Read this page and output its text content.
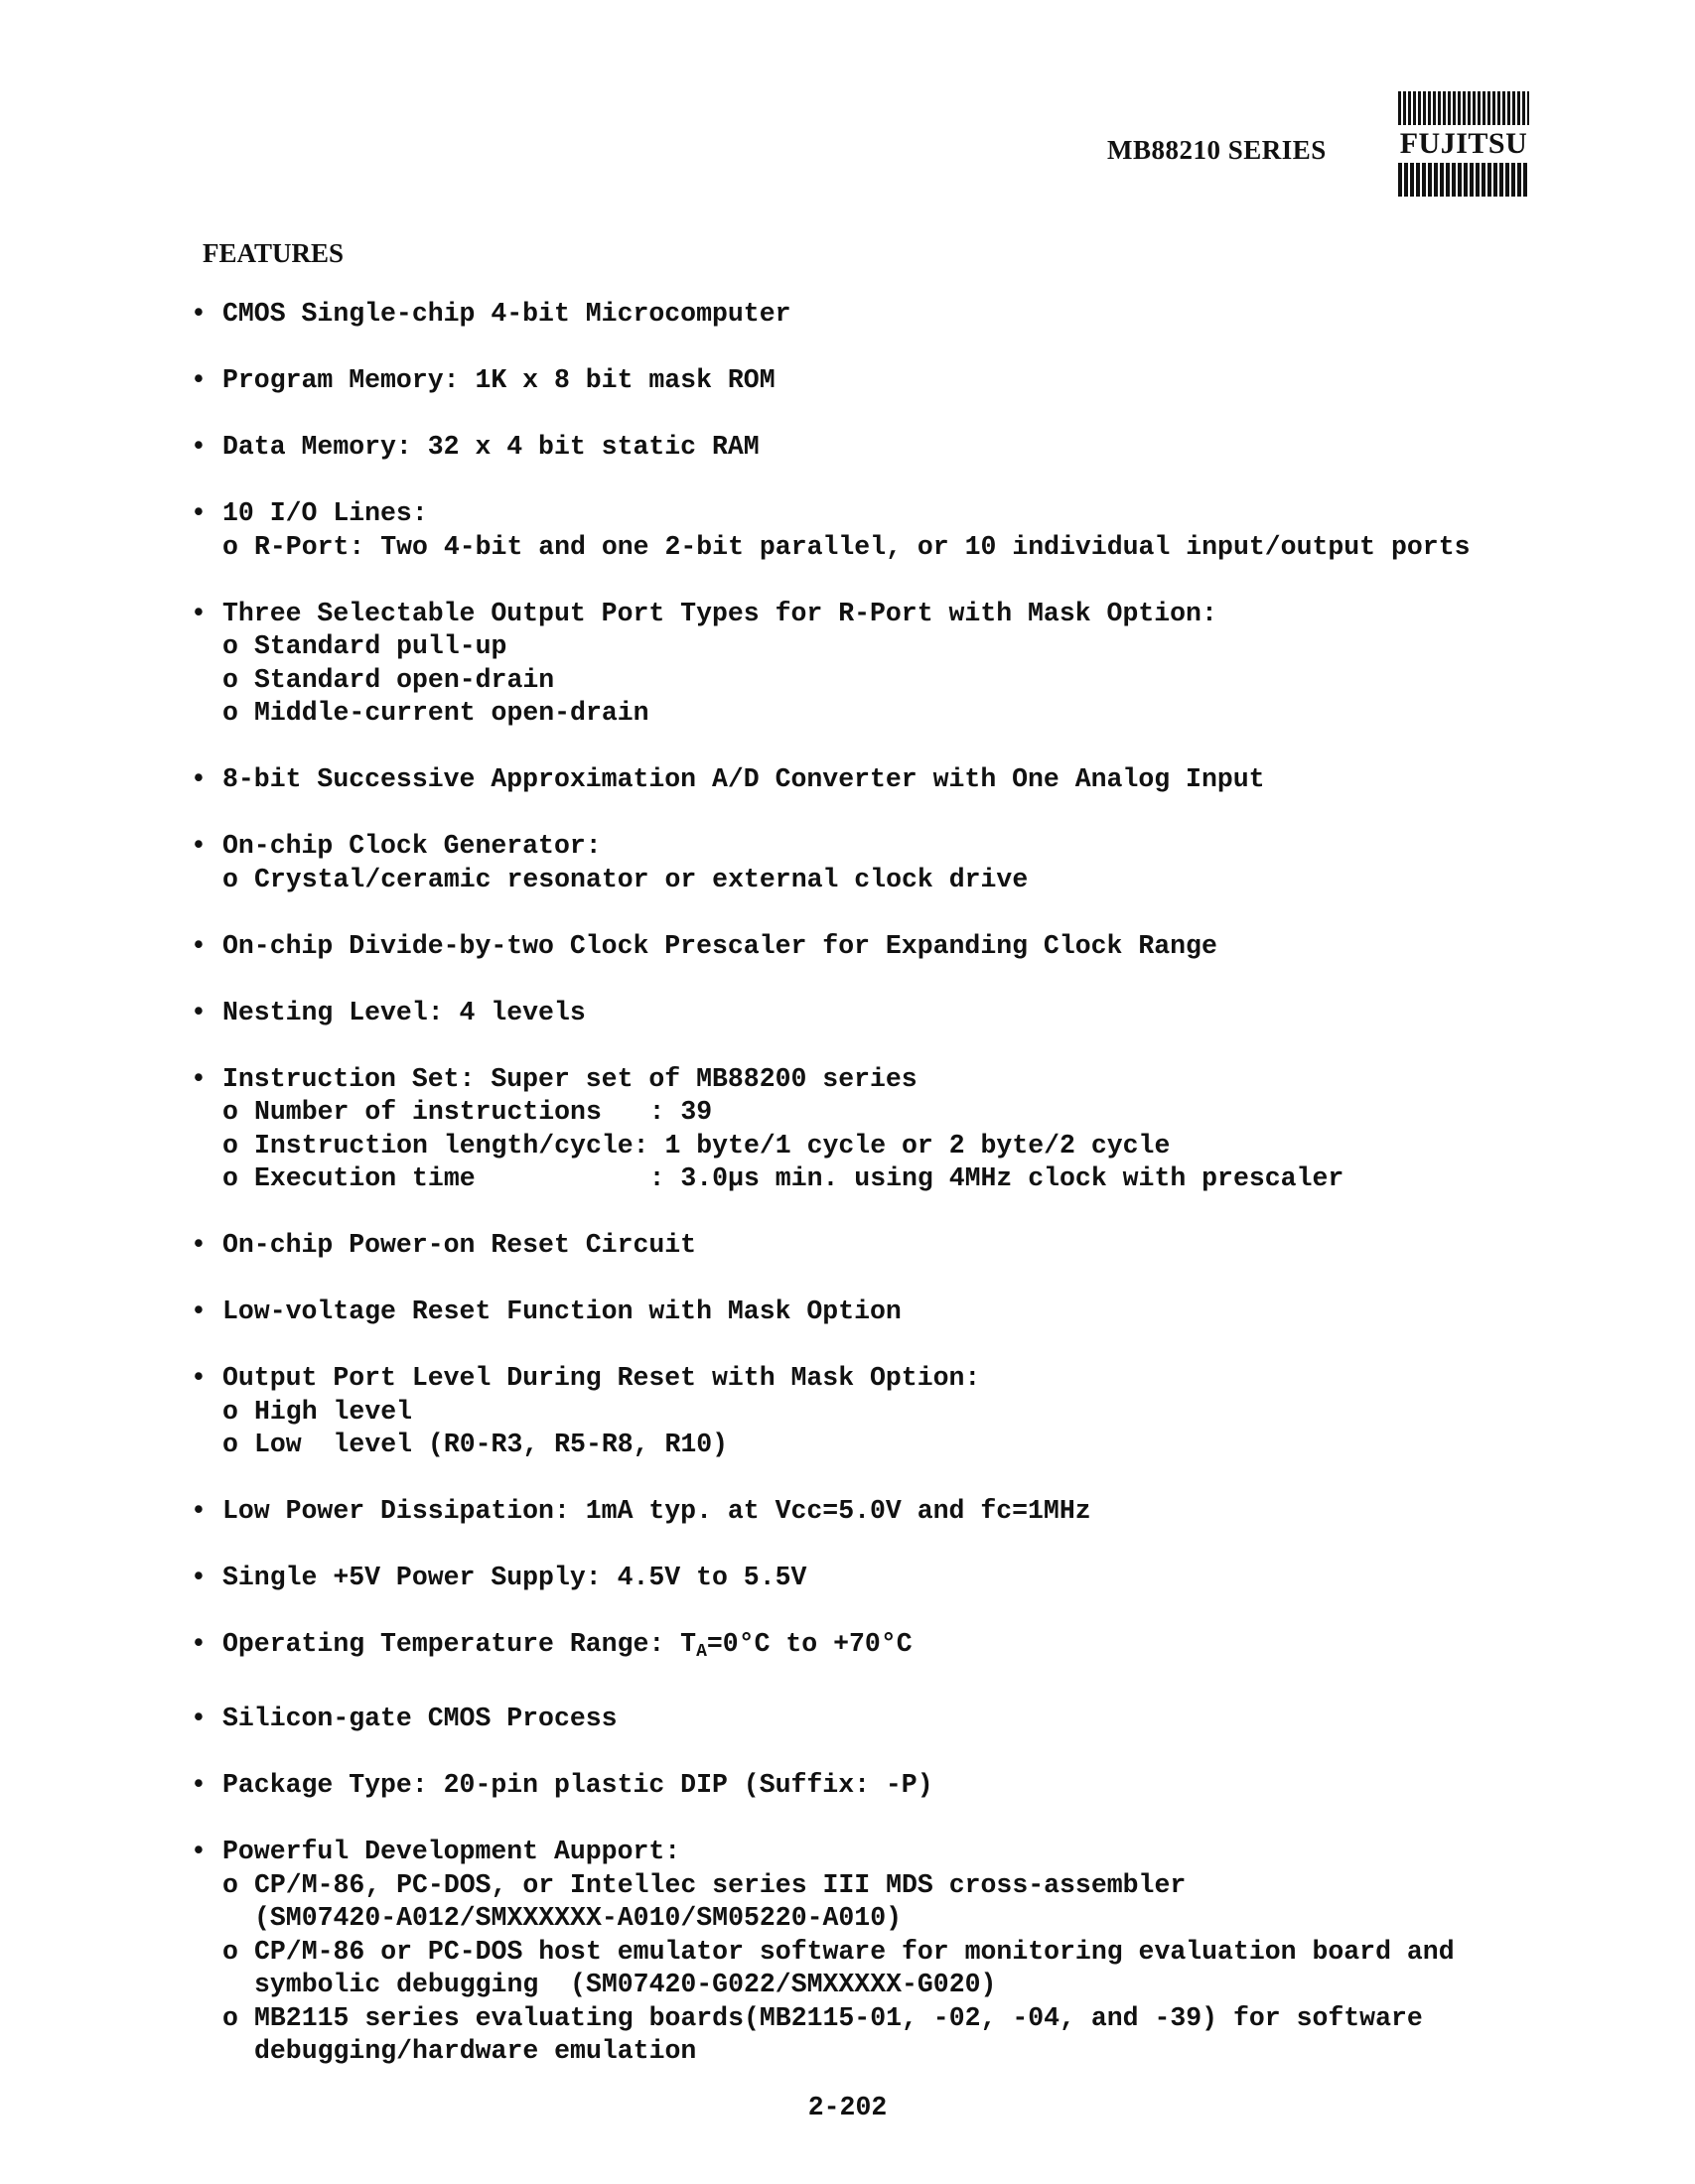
MB88210 SERIES FUJITSU
FEATURES
• CMOS Single-chip 4-bit Microcomputer
• Program Memory: 1K x 8 bit mask ROM
• Data Memory: 32 x 4 bit static RAM
• 10 I/O Lines:
o R-Port: Two 4-bit and one 2-bit parallel, or 10 individual input/output ports
• Three Selectable Output Port Types for R-Port with Mask Option:
o Standard pull-up
o Standard open-drain
o Middle-current open-drain
• 8-bit Successive Approximation A/D Converter with One Analog Input
• On-chip Clock Generator:
o Crystal/ceramic resonator or external clock drive
• On-chip Divide-by-two Clock Prescaler for Expanding Clock Range
• Nesting Level: 4 levels
• Instruction Set: Super set of MB88200 series
o Number of instructions   : 39
o Instruction length/cycle: 1 byte/1 cycle or 2 byte/2 cycle
o Execution time           : 3.0µs min. using 4MHz clock with prescaler
• On-chip Power-on Reset Circuit
• Low-voltage Reset Function with Mask Option
• Output Port Level During Reset with Mask Option:
o High level
o Low  level (R0-R3, R5-R8, R10)
• Low Power Dissipation: 1mA typ. at Vcc=5.0V and fc=1MHz
• Single +5V Power Supply: 4.5V to 5.5V
• Operating Temperature Range: $T_A=0^\circ C$ to +70°C
• Silicon-gate CMOS Process
• Package Type: 20-pin plastic DIP (Suffix: -P)
• Powerful Development Aupport:
o CP/M-86, PC-DOS, or Intellec series III MDS cross-assembler
(SM07420-A012/SMXXXXXX-A010/SM05220-A010)
o CP/M-86 or PC-DOS host emulator software for monitoring evaluation board and
symbolic debugging  (SM07420-G022/SMXXXXX-G020)
o MB2115 series evaluating boards(MB2115-01, -02, -04, and -39) for software
debugging/hardware emulation
2-202
